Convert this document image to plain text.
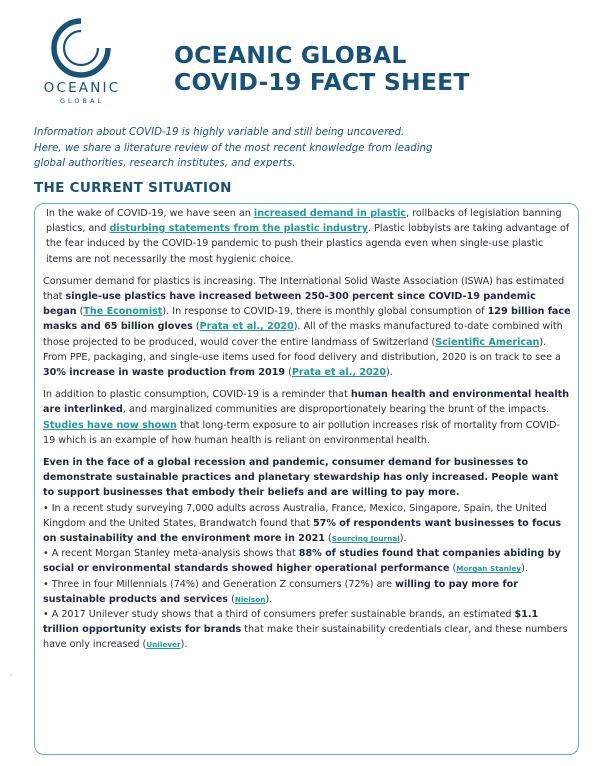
OCEANIC
GLOBAL
OCEANIC GLOBAL
COVID-19 FACT SHEET
Information about COVID-19 is highly variable and still being uncovered.
Here, we share a literature review of the most recent knowledge from leading
global authorities, research institutes, and experts.
THE CURRENT SITUATION

In the wake of COVID-19, we have seen an increased demand in plastic, rollbacks of legislation banning plastics, and disturbing statements from the plastic industry. Plastic lobbyists are taking advantage of the fear induced by the COVID-19 pandemic to push their plastics agenda even when single-use plastic items are not necessarily the most hygienic choice.

Consumer demand for plastics is increasing. The International Solid Waste Association (ISWA) has estimated that single-use plastics have increased between 250-300 percent since COVID-19 pandemic began (The Economist). In response to COVID-19, there is monthly global consumption of 129 billion face masks and 65 billion gloves (Prata et al., 2020). All of the masks manufactured to-date combined with those projected to be produced, would cover the entire landmass of Switzerland (Scientific American). From PPE, packaging, and single-use items used for food delivery and distribution, 2020 is on track to see a 30% increase in waste production from 2019 (Prata et al., 2020).

In addition to plastic consumption, COVID-19 is a reminder that human health and environmental health are interlinked, and marginalized communities are disproportionately bearing the brunt of the impacts. Studies have now shown that long-term exposure to air pollution increases risk of mortality from COVID-19 which is an example of how human health is reliant on environmental health.

Even in the face of a global recession and pandemic, consumer demand for businesses to demonstrate sustainable practices and planetary stewardship has only increased. People want to support businesses that embody their beliefs and are willing to pay more.

• In a recent study surveying 7,000 adults across Australia, France, Mexico, Singapore, Spain, the United Kingdom and the United States, Brandwatch found that 57% of respondents want businesses to focus on sustainability and the environment more in 2021 (Sourcing Journal).

• A recent Morgan Stanley meta-analysis shows that 88% of studies found that companies abiding by social or environmental standards showed higher operational performance (Morgan Stanley).

• Three in four Millennials (74%) and Generation Z consumers (72%) are willing to pay more for sustainable products and services (Nielson).

• A 2017 Unilever study shows that a third of consumers prefer sustainable brands, an estimated $1.1 trillion opportunity exists for brands that make their sustainability credentials clear, and these numbers have only increased (Unilever).

·
